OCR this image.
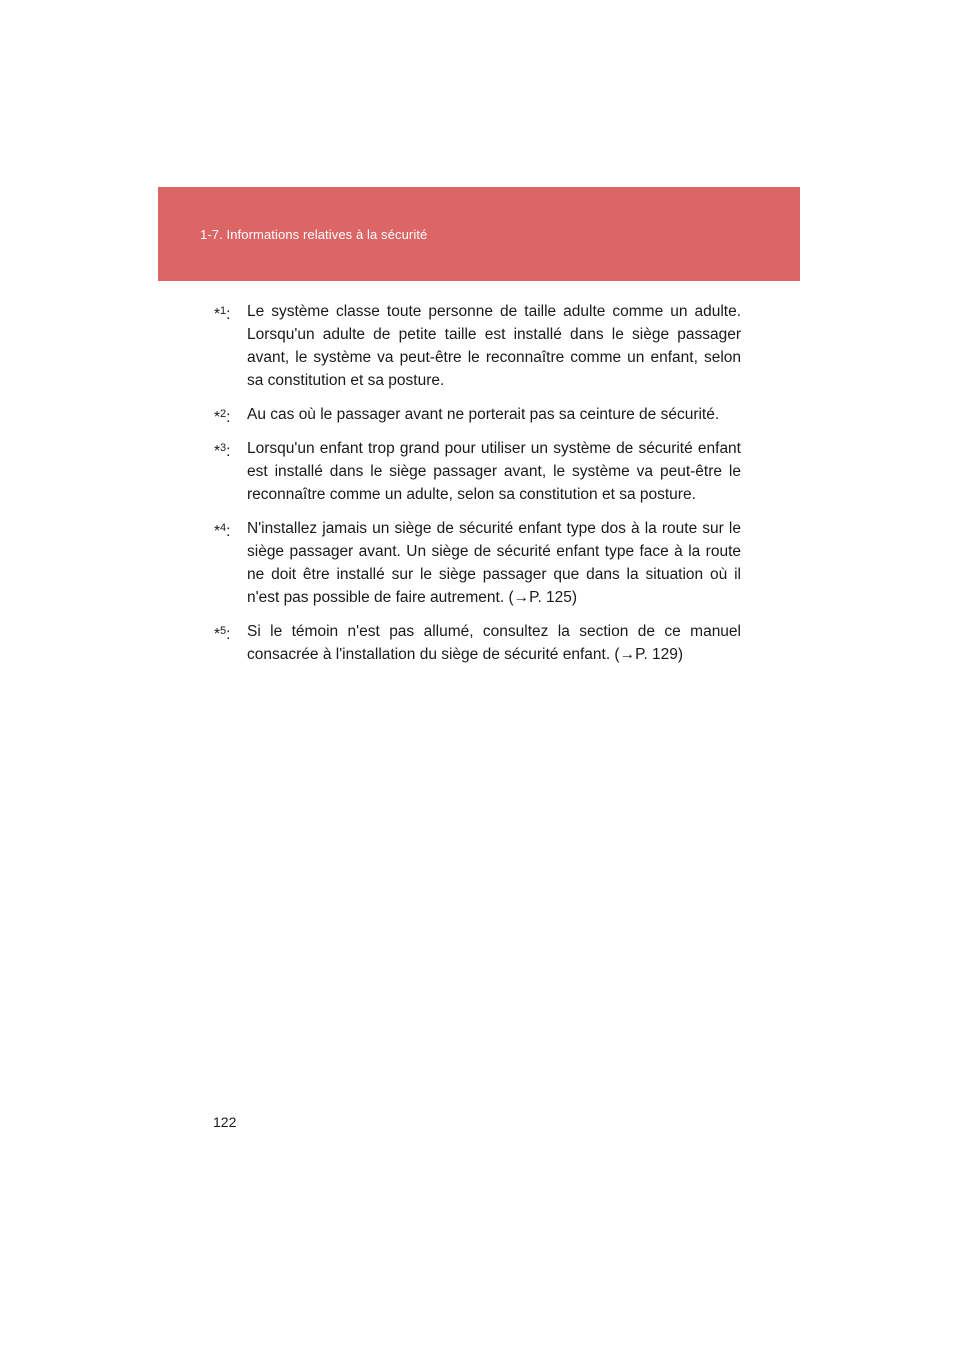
1-7. Informations relatives à la sécurité
*$^1$: Le système classe toute personne de taille adulte comme un adulte. Lorsqu'un adulte de petite taille est installé dans le siège passager avant, le système va peut-être le reconnaître comme un enfant, selon sa constitution et sa posture.
*$^2$: Au cas où le passager avant ne porterait pas sa ceinture de sécurité.
*$^3$: Lorsqu'un enfant trop grand pour utiliser un système de sécurité enfant est installé dans le siège passager avant, le système va peut-être le reconnaître comme un adulte, selon sa constitution et sa posture.
*$^4$: N'installez jamais un siège de sécurité enfant type dos à la route sur le siège passager avant. Un siège de sécurité enfant type face à la route ne doit être installé sur le siège passager que dans la situation où il n'est pas possible de faire autrement. (→P. 125)
*$^5$: Si le témoin n'est pas allumé, consultez la section de ce manuel consacrée à l'installation du siège de sécurité enfant. (→P. 129)
122
